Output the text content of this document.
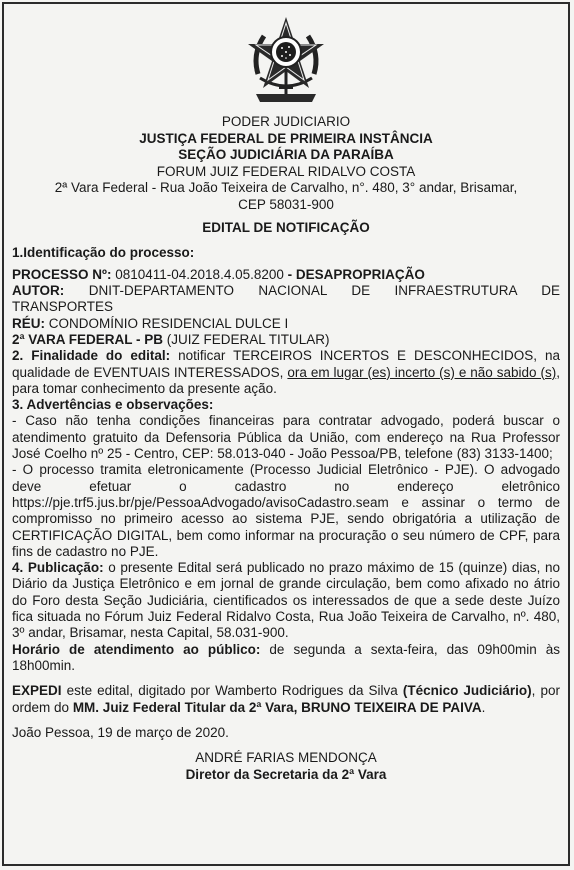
PODER JUDICIARIO
JUSTIÇA FEDERAL DE PRIMEIRA INSTÂNCIA
SEÇÃO JUDICIÁRIA DA PARAÍBA
FORUM JUIZ FEDERAL RIDALVO COSTA
2ª Vara Federal - Rua João Teixeira de Carvalho, n°. 480, 3° andar, Brisamar,
CEP 58031-900
EDITAL DE NOTIFICAÇÃO

1.Identificação do processo:

PROCESSO Nº: 0810411-04.2018.4.05.8200 - DESAPROPRIAÇÃO

AUTOR: DNIT-DEPARTAMENTO NACIONAL DE INFRAESTRUTURA DE TRANSPORTES

RÉU: CONDOMÍNIO RESIDENCIAL DULCE I

2ª VARA FEDERAL - PB (JUIZ FEDERAL TITULAR)

2. Finalidade do edital: notificar TERCEIROS INCERTOS E DESCONHECIDOS, na qualidade de EVENTUAIS INTERESSADOS, ora em lugar (es) incerto (s) e não sabido (s), para tomar conhecimento da presente ação.

3. Advertências e observações:

- Caso não tenha condições financeiras para contratar advogado, poderá buscar o atendimento gratuito da Defensoria Pública da União, com endereço na Rua Professor José Coelho nº 25 - Centro, CEP: 58.013-040 - João Pessoa/PB, telefone (83) 3133-1400;

- O processo tramita eletronicamente (Processo Judicial Eletrônico - PJE). O advogado deve efetuar o cadastro no endereço eletrônico https://pje.trf5.jus.br/pje/PessoaAdvogado/avisoCadastro.seam e assinar o termo de compromisso no primeiro acesso ao sistema PJE, sendo obrigatória a utilização de CERTIFICAÇÃO DIGITAL, bem como informar na procuração o seu número de CPF, para fins de cadastro no PJE.

4. Publicação: o presente Edital será publicado no prazo máximo de 15 (quinze) dias, no Diário da Justiça Eletrônico e em jornal de grande circulação, bem como afixado no átrio do Foro desta Seção Judiciária, cientificados os interessados de que a sede deste Juízo fica situada no Fórum Juiz Federal Ridalvo Costa, Rua João Teixeira de Carvalho, nº. 480, 3º andar, Brisamar, nesta Capital, 58.031-900.

Horário de atendimento ao público: de segunda a sexta-feira, das 09h00min às 18h00min.

EXPEDI este edital, digitado por Wamberto Rodrigues da Silva (Técnico Judiciário), por ordem do MM. Juiz Federal Titular da 2ª Vara, BRUNO TEIXEIRA DE PAIVA.

João Pessoa, 19 de março de 2020.

ANDRÉ FARIAS MENDONÇA
Diretor da Secretaria da 2ª Vara
